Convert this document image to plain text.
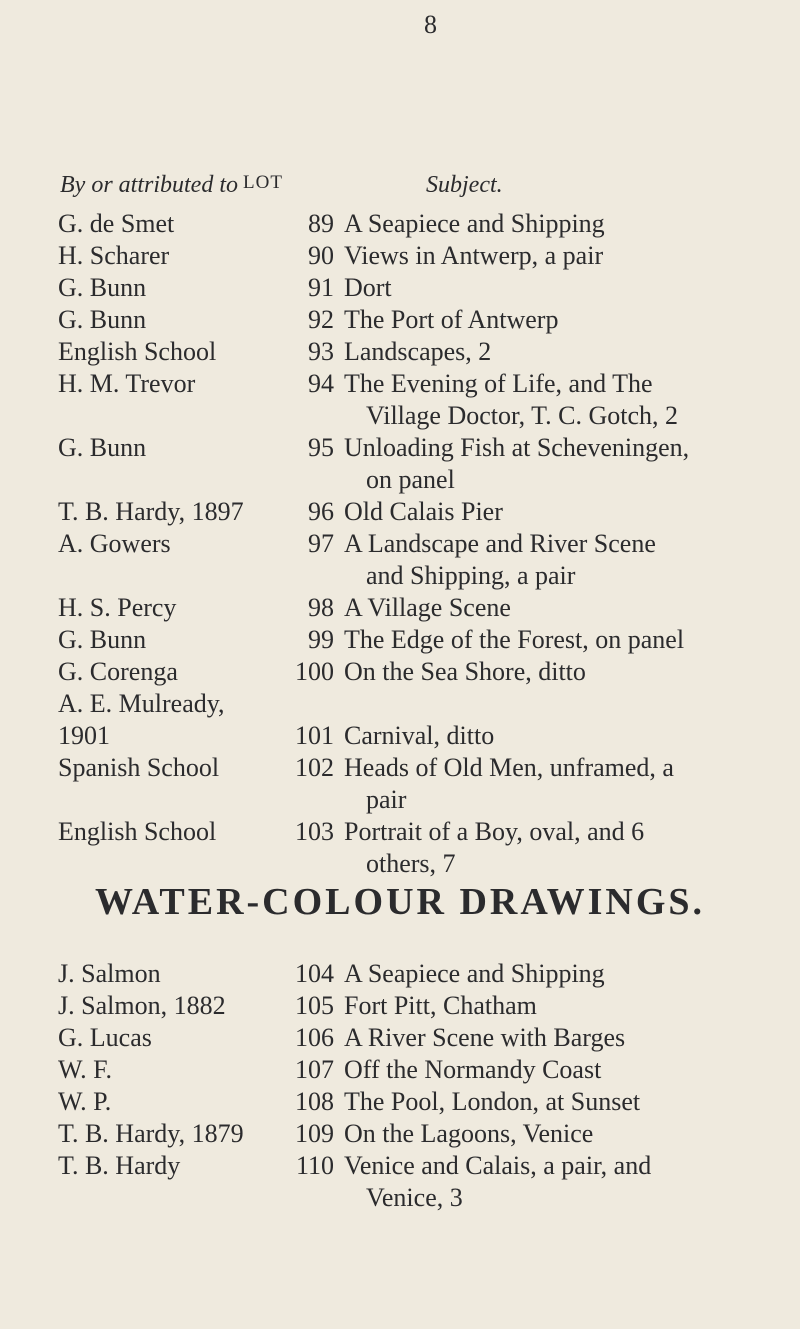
8
By or attributed to LOT	Subject.
G. de Smet	89 A Seapiece and Shipping
H. Scharer	90 Views in Antwerp, a pair
G. Bunn	91 Dort
G. Bunn	92 The Port of Antwerp
English School	93 Landscapes, 2
H. M. Trevor	94 The Evening of Life, and The
Village Doctor, T. C. Gotch, 2
G. Bunn	95 Unloading Fish at Scheveningen,
on panel
T. B. Hardy, 1897	96 Old Calais Pier
A. Gowers	97 A Landscape and River Scene
and Shipping, a pair
H. S. Percy	98 A Village Scene
G. Bunn	99 The Edge of the Forest, on panel
G. Corenga	100 On the Sea Shore, ditto
A. E. Mulready,
1901	101 Carnival, ditto
Spanish School	102 Heads of Old Men, unframed, a
pair
English School	103 Portrait of a Boy, oval, and 6
others, 7
WATER-COLOUR DRAWINGS.
J. Salmon	104 A Seapiece and Shipping
J. Salmon, 1882	105 Fort Pitt, Chatham
G. Lucas	106 A River Scene with Barges
W. F.	107 Off the Normandy Coast
W. P.	108 The Pool, London, at Sunset
T. B. Hardy, 1879	109 On the Lagoons, Venice
T. B. Hardy	110 Venice and Calais, a pair, and
Venice, 3
